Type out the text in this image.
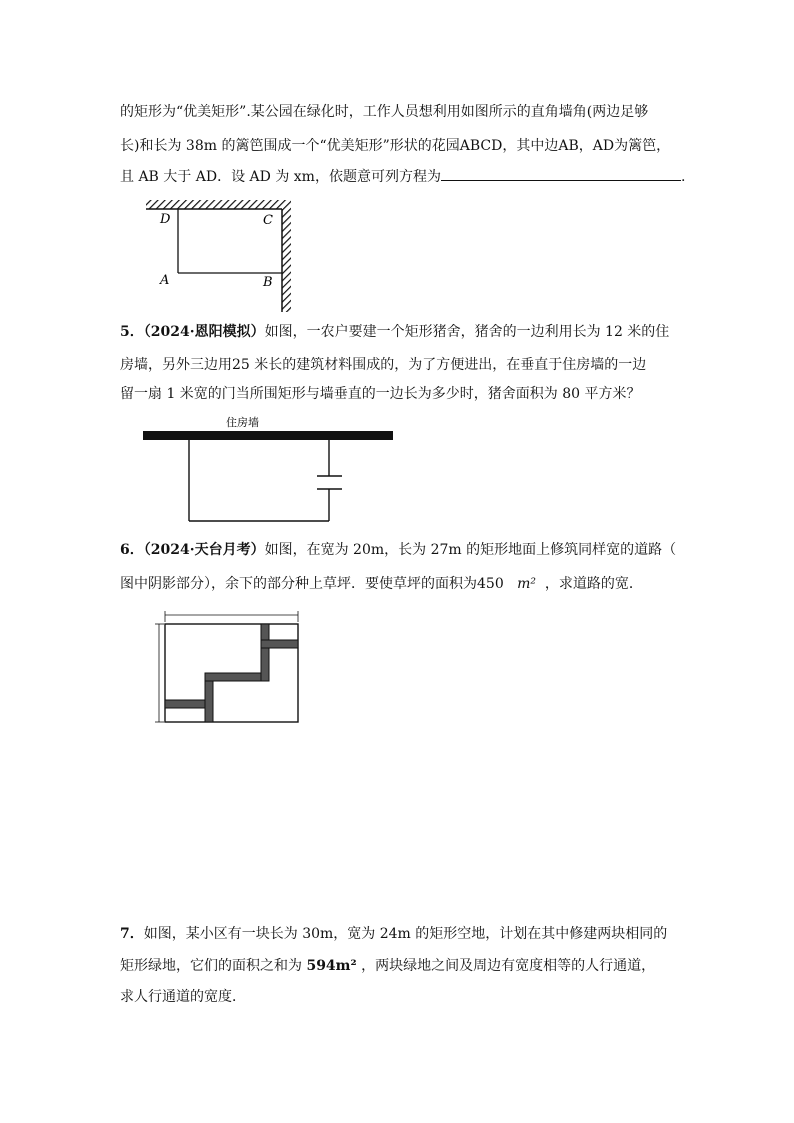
的矩形为“优美矩形”.某公园在绿化时，工作人员想利用如图所示的直角墙角(两边足够
长)和长为 38m 的篱笆围成一个“优美矩形”形状的花园ABCD，其中边AB，AD为篱笆，
且 AB 大于 AD．设 AD 为 xm，依题意可列方程为	.
D	C
A	B
5．（2024·恩阳模拟）如图，一农户要建一个矩形猪舍，猪舍的一边利用长为 12 米的住
房墙，另外三边用25 米长的建筑材料围成的，为了方便进出，在垂直于住房墙的一边
留一扇 1 米宽的门当所围矩形与墙垂直的一边长为多少时，猪舍面积为 80 平方米？
住房墙
6．（2024·天台月考）如图，在宽为 20m，长为 27m 的矩形地面上修筑同样宽的道路（
图中阴影部分），余下的部分种上草坪．要使草坪的面积为450 m² ，求道路的宽．
7．如图，某小区有一块长为 30m，宽为 24m 的矩形空地，计划在其中修建两块相同的
矩形绿地，它们的面积之和为 594m² ，两块绿地之间及周边有宽度相等的人行通道，
求人行通道的宽度．
